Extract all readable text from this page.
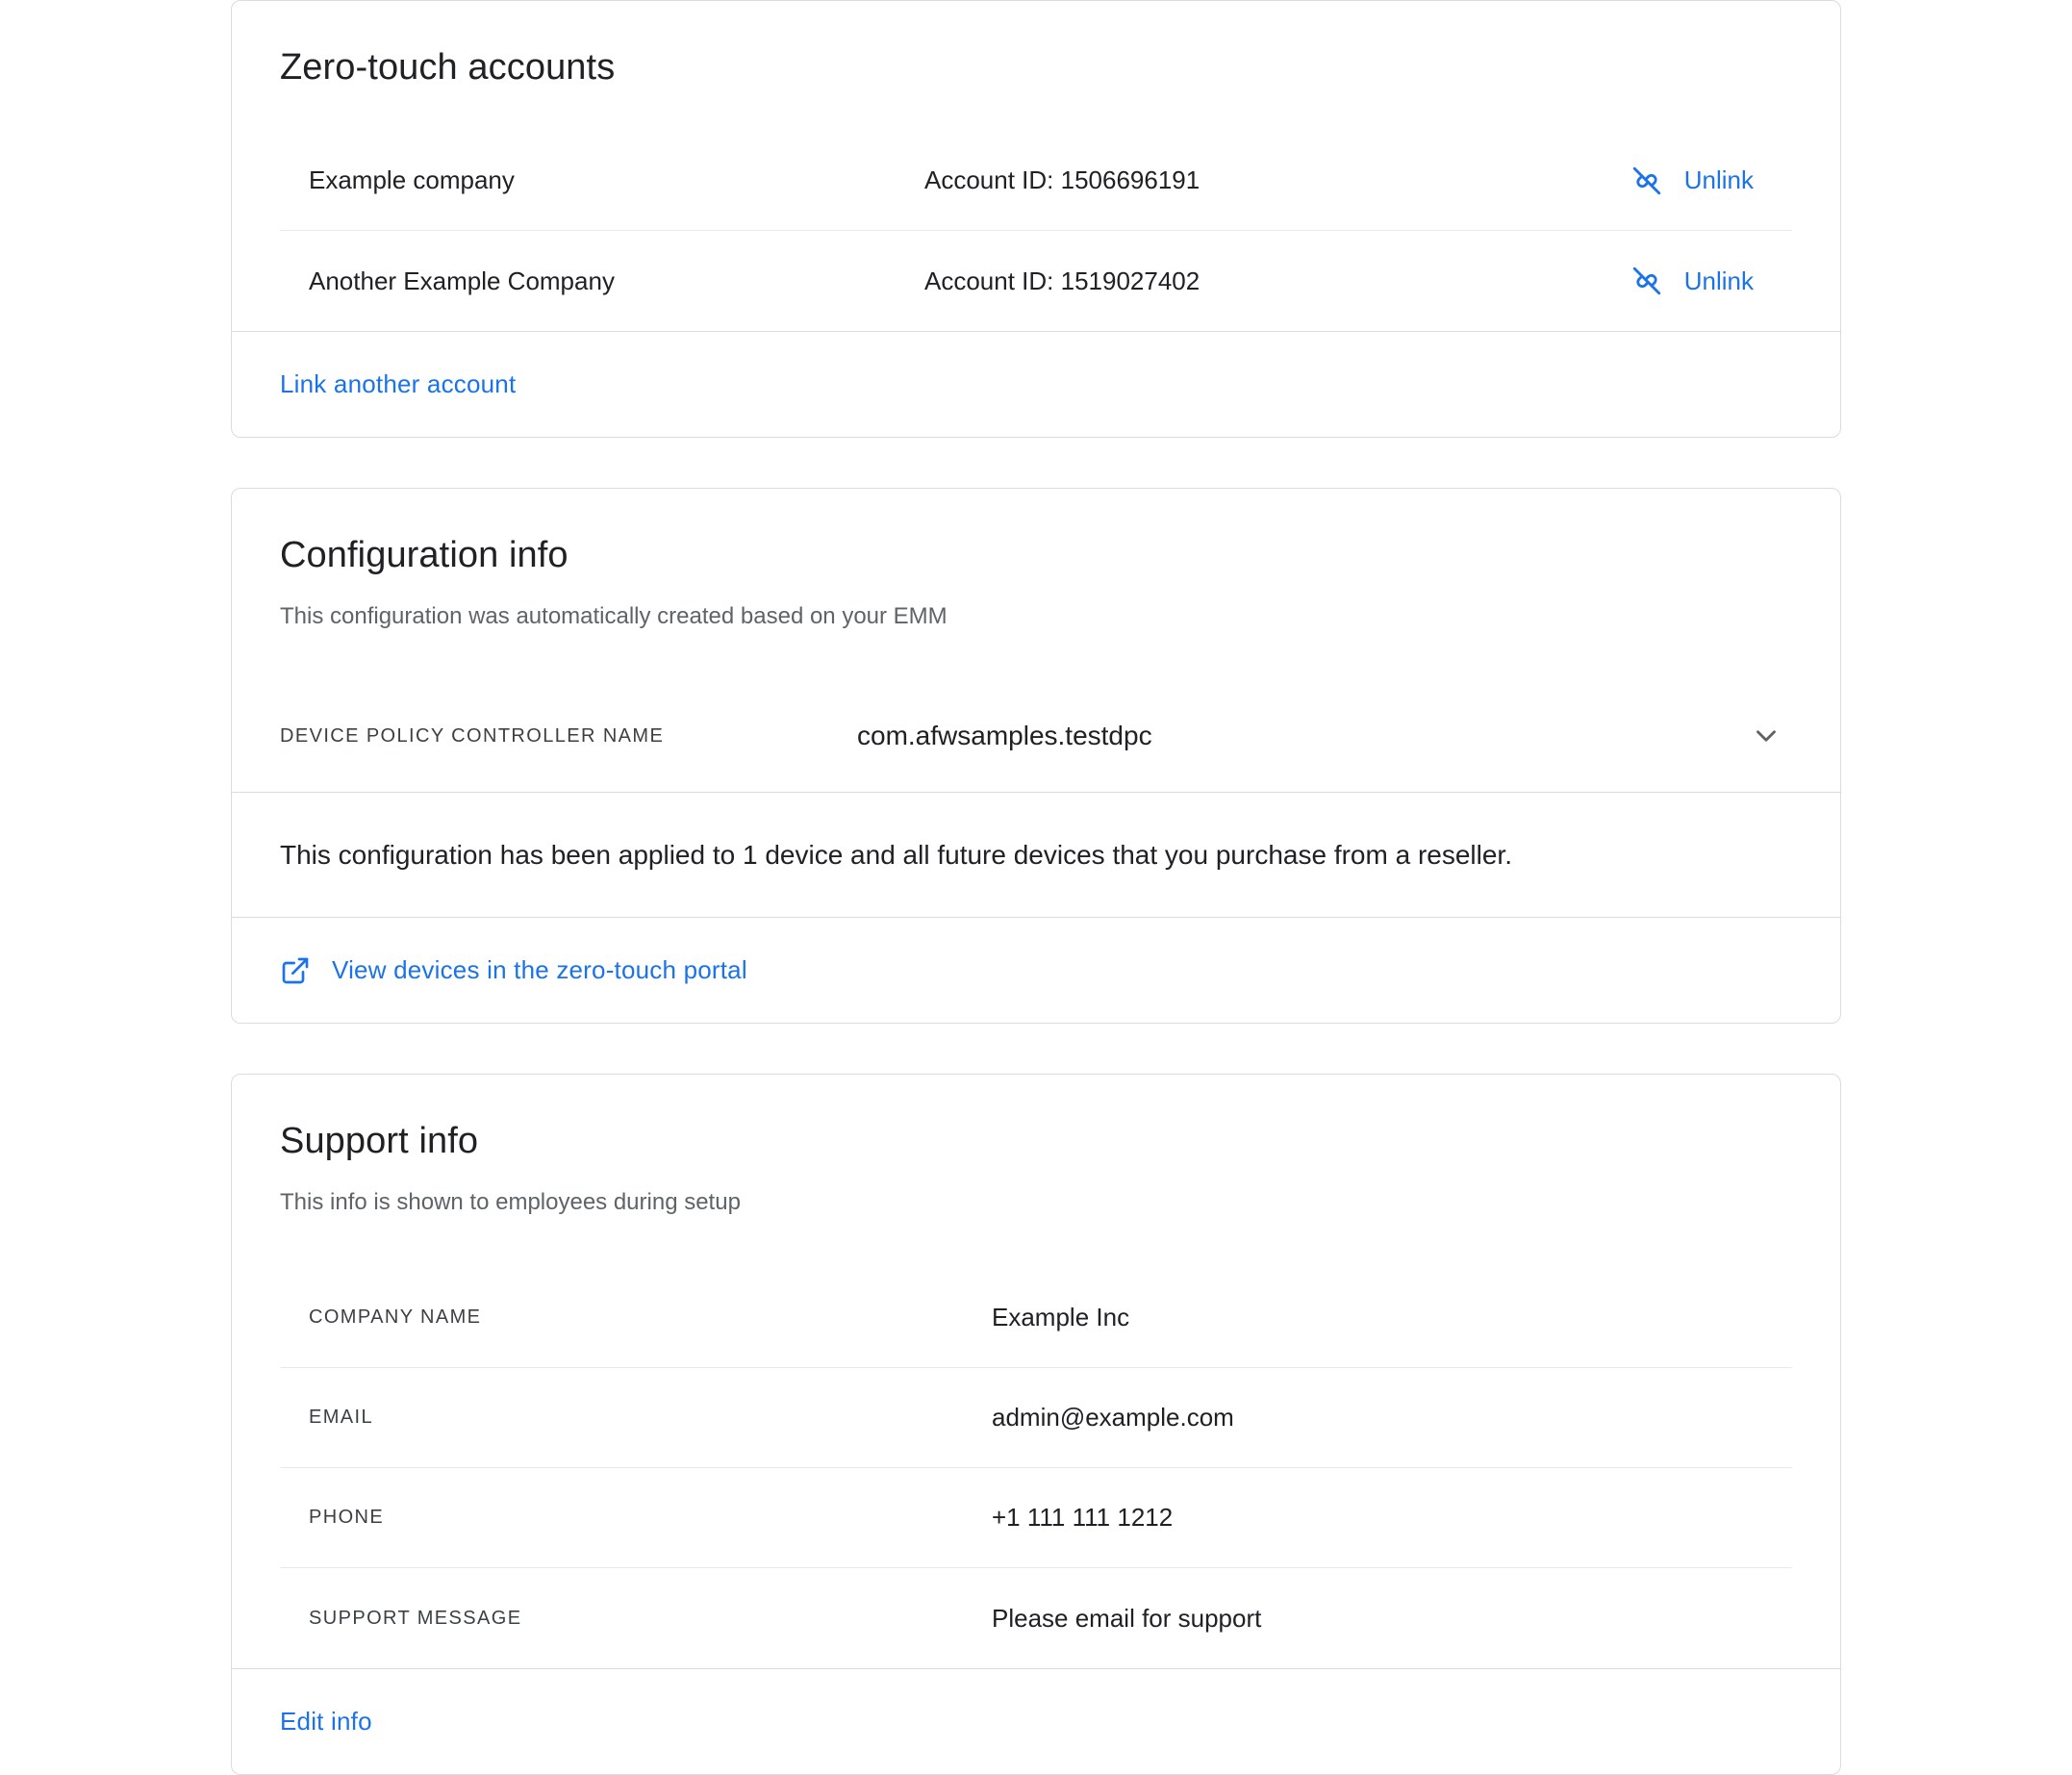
Zero-touch accounts
Example company	Account ID: 1506696191	Unlink
Another Example Company	Account ID: 1519027402	Unlink
Link another account
Configuration info

This configuration was automatically created based on your EMM

DEVICE POLICY CONTROLLER NAME	com.afwsamples.testdpc
This configuration has been applied to 1 device and all future devices that you purchase from a reseller.
View devices in the zero-touch portal
Support info

This info is shown to employees during setup

COMPANY NAME	Example Inc
EMAIL	admin@example.com
PHONE	+1 111 111 1212
SUPPORT MESSAGE	Please email for support
Edit info
